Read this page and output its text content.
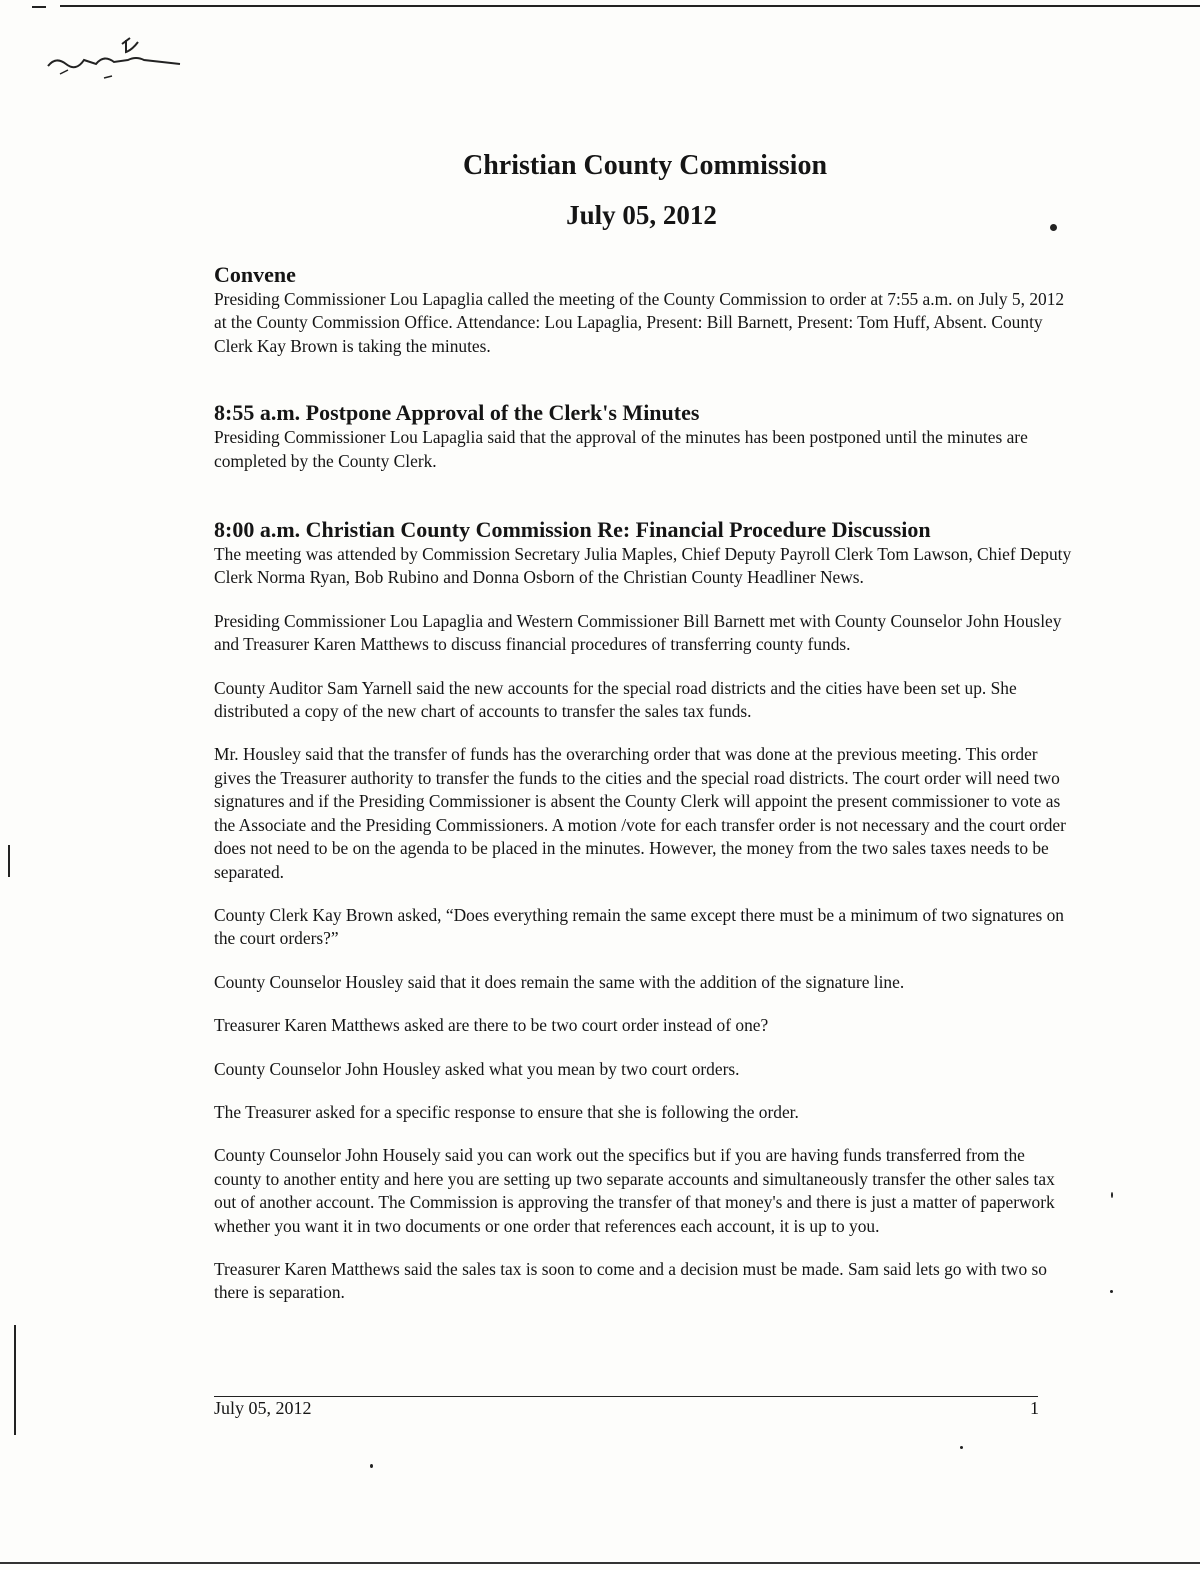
Christian County Commission
July 05, 2012
Convene

Presiding Commissioner Lou Lapaglia called the meeting of the County Commission to order at 7:55 a.m. on July 5, 2012 at the County Commission Office. Attendance: Lou Lapaglia, Present: Bill Barnett, Present: Tom Huff, Absent. County Clerk Kay Brown is taking the minutes.

8:55 a.m. Postpone Approval of the Clerk's Minutes

Presiding Commissioner Lou Lapaglia said that the approval of the minutes has been postponed until the minutes are completed by the County Clerk.

8:00 a.m. Christian County Commission Re: Financial Procedure Discussion

The meeting was attended by Commission Secretary Julia Maples, Chief Deputy Payroll Clerk Tom Lawson, Chief Deputy Clerk Norma Ryan, Bob Rubino and Donna Osborn of the Christian County Headliner News.

Presiding Commissioner Lou Lapaglia and Western Commissioner Bill Barnett met with County Counselor John Housley and Treasurer Karen Matthews to discuss financial procedures of transferring county funds.

County Auditor Sam Yarnell said the new accounts for the special road districts and the cities have been set up. She distributed a copy of the new chart of accounts to transfer the sales tax funds.

Mr. Housley said that the transfer of funds has the overarching order that was done at the previous meeting. This order gives the Treasurer authority to transfer the funds to the cities and the special road districts. The court order will need two signatures and if the Presiding Commissioner is absent the County Clerk will appoint the present commissioner to vote as the Associate and the Presiding Commissioners. A motion /vote for each transfer order is not necessary and the court order does not need to be on the agenda to be placed in the minutes. However, the money from the two sales taxes needs to be separated.

County Clerk Kay Brown asked, “Does everything remain the same except there must be a minimum of two signatures on the court orders?”

County Counselor Housley said that it does remain the same with the addition of the signature line.

Treasurer Karen Matthews asked are there to be two court order instead of one?

County Counselor John Housley asked what you mean by two court orders.

The Treasurer asked for a specific response to ensure that she is following the order.

County Counselor John Housely said you can work out the specifics but if you are having funds transferred from the county to another entity and here you are setting up two separate accounts and simultaneously transfer the other sales tax out of another account. The Commission is approving the transfer of that money's and there is just a matter of paperwork whether you want it in two documents or one order that references each account, it is up to you.

Treasurer Karen Matthews said the sales tax is soon to come and a decision must be made. Sam said lets go with two so there is separation.

July 05, 2012	1
